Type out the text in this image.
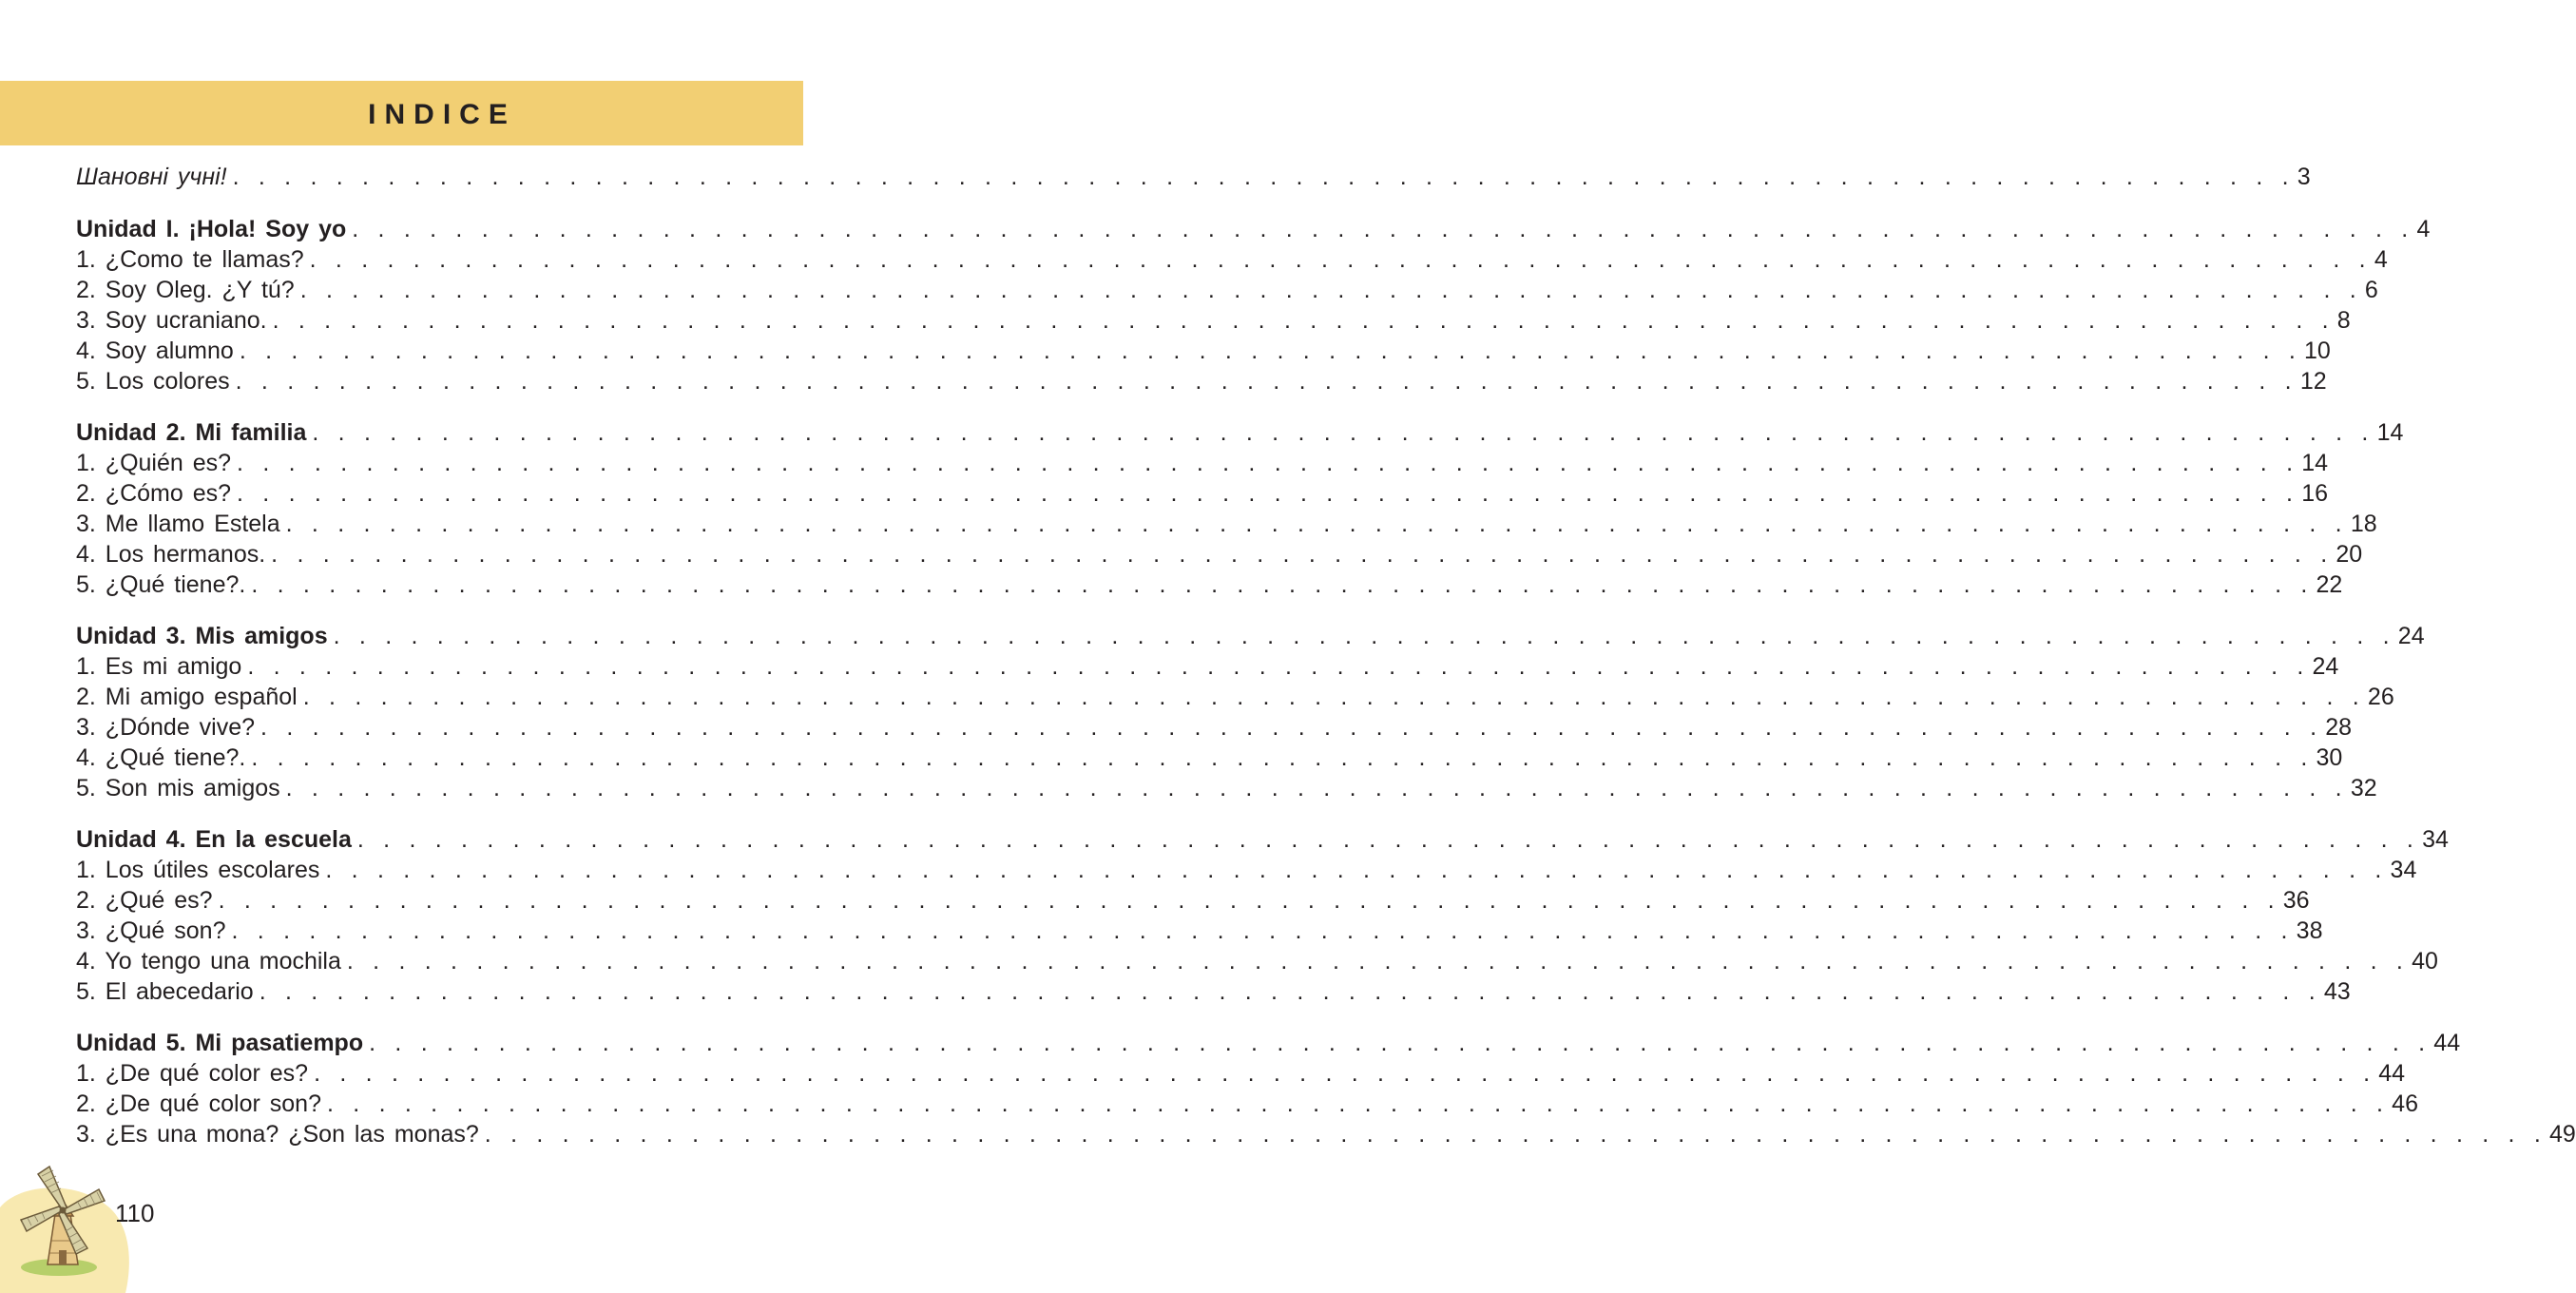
INDICE
Шановні учні! . . . . . . . . . . . . . . . . . . . . . . . . . . . . . . . . . . . . . . . . . . . . . . . . . . . . . . . . . . . . . . . . . . . . . . . . . . . . . . . . 3
Unidad I. ¡Hola! Soy yo . . . . . . . . . . . . . . . . . . . . . . . . . . . . . . . . . . . . . . . . . . . . . . . . . . . . . . . . . . . . . . . . . . . . . . . . . . . . . . . . 4
1. ¿Como te llamas? . . . . . . . . . . . . . . . . . . . . . . . . . . . . . . . . . . . . . . . . . . . . . . . . . . . . . . . . . . . . . . . . . . . . . . . . . . . . . . . . 4
2. Soy Oleg. ¿Y tú? . . . . . . . . . . . . . . . . . . . . . . . . . . . . . . . . . . . . . . . . . . . . . . . . . . . . . . . . . . . . . . . . . . . . . . . . . . . . . . . . 6
3. Soy ucraniano. . . . . . . . . . . . . . . . . . . . . . . . . . . . . . . . . . . . . . . . . . . . . . . . . . . . . . . . . . . . . . . . . . . . . . . . . . . . . . . . . 8
4. Soy alumno . . . . . . . . . . . . . . . . . . . . . . . . . . . . . . . . . . . . . . . . . . . . . . . . . . . . . . . . . . . . . . . . . . . . . . . . . . . . . . . . 10
5. Los colores . . . . . . . . . . . . . . . . . . . . . . . . . . . . . . . . . . . . . . . . . . . . . . . . . . . . . . . . . . . . . . . . . . . . . . . . . . . . . . . . 12
Unidad 2. Mi familia . . . . . . . . . . . . . . . . . . . . . . . . . . . . . . . . . . . . . . . . . . . . . . . . . . . . . . . . . . . . . . . . . . . . . . . . . . . . . . . . 14
1. ¿Quién es? . . . . . . . . . . . . . . . . . . . . . . . . . . . . . . . . . . . . . . . . . . . . . . . . . . . . . . . . . . . . . . . . . . . . . . . . . . . . . . . . 14
2. ¿Cómo es? . . . . . . . . . . . . . . . . . . . . . . . . . . . . . . . . . . . . . . . . . . . . . . . . . . . . . . . . . . . . . . . . . . . . . . . . . . . . . . . . 16
3. Me llamo Estela . . . . . . . . . . . . . . . . . . . . . . . . . . . . . . . . . . . . . . . . . . . . . . . . . . . . . . . . . . . . . . . . . . . . . . . . . . . . . . . . 18
4. Los hermanos. . . . . . . . . . . . . . . . . . . . . . . . . . . . . . . . . . . . . . . . . . . . . . . . . . . . . . . . . . . . . . . . . . . . . . . . . . . . . . . . . 20
5. ¿Qué tiene?. . . . . . . . . . . . . . . . . . . . . . . . . . . . . . . . . . . . . . . . . . . . . . . . . . . . . . . . . . . . . . . . . . . . . . . . . . . . . . . . . 22
Unidad 3. Mis amigos . . . . . . . . . . . . . . . . . . . . . . . . . . . . . . . . . . . . . . . . . . . . . . . . . . . . . . . . . . . . . . . . . . . . . . . . . . . . . . . . 24
1. Es mi amigo . . . . . . . . . . . . . . . . . . . . . . . . . . . . . . . . . . . . . . . . . . . . . . . . . . . . . . . . . . . . . . . . . . . . . . . . . . . . . . . . 24
2. Mi amigo español . . . . . . . . . . . . . . . . . . . . . . . . . . . . . . . . . . . . . . . . . . . . . . . . . . . . . . . . . . . . . . . . . . . . . . . . . . . . . . . . 26
3. ¿Dónde vive? . . . . . . . . . . . . . . . . . . . . . . . . . . . . . . . . . . . . . . . . . . . . . . . . . . . . . . . . . . . . . . . . . . . . . . . . . . . . . . . . 28
4. ¿Qué tiene?. . . . . . . . . . . . . . . . . . . . . . . . . . . . . . . . . . . . . . . . . . . . . . . . . . . . . . . . . . . . . . . . . . . . . . . . . . . . . . . . . 30
5. Son mis amigos . . . . . . . . . . . . . . . . . . . . . . . . . . . . . . . . . . . . . . . . . . . . . . . . . . . . . . . . . . . . . . . . . . . . . . . . . . . . . . . . 32
Unidad 4. En la escuela . . . . . . . . . . . . . . . . . . . . . . . . . . . . . . . . . . . . . . . . . . . . . . . . . . . . . . . . . . . . . . . . . . . . . . . . . . . . . . . . 34
1. Los útiles escolares . . . . . . . . . . . . . . . . . . . . . . . . . . . . . . . . . . . . . . . . . . . . . . . . . . . . . . . . . . . . . . . . . . . . . . . . . . . . . . . . 34
2. ¿Qué es? . . . . . . . . . . . . . . . . . . . . . . . . . . . . . . . . . . . . . . . . . . . . . . . . . . . . . . . . . . . . . . . . . . . . . . . . . . . . . . . . 36
3. ¿Qué son? . . . . . . . . . . . . . . . . . . . . . . . . . . . . . . . . . . . . . . . . . . . . . . . . . . . . . . . . . . . . . . . . . . . . . . . . . . . . . . . . 38
4. Yo tengo una mochila . . . . . . . . . . . . . . . . . . . . . . . . . . . . . . . . . . . . . . . . . . . . . . . . . . . . . . . . . . . . . . . . . . . . . . . . . . . . . . . . 40
5. El abecedario . . . . . . . . . . . . . . . . . . . . . . . . . . . . . . . . . . . . . . . . . . . . . . . . . . . . . . . . . . . . . . . . . . . . . . . . . . . . . . . . 43
Unidad 5. Mi pasatiempo . . . . . . . . . . . . . . . . . . . . . . . . . . . . . . . . . . . . . . . . . . . . . . . . . . . . . . . . . . . . . . . . . . . . . . . . . . . . . . . . 44
1. ¿De qué color es? . . . . . . . . . . . . . . . . . . . . . . . . . . . . . . . . . . . . . . . . . . . . . . . . . . . . . . . . . . . . . . . . . . . . . . . . . . . . . . . . 44
2. ¿De qué color son? . . . . . . . . . . . . . . . . . . . . . . . . . . . . . . . . . . . . . . . . . . . . . . . . . . . . . . . . . . . . . . . . . . . . . . . . . . . . . . . . 46
3. ¿Es una mona? ¿Son las monas? . . . . . . . . . . . . . . . . . . . . . . . . . . . . . . . . . . . . . . . . . . . . . . . . . . . . . . . . . . . . . . . . . . . . . . . . . . . . . . . . 49
110
